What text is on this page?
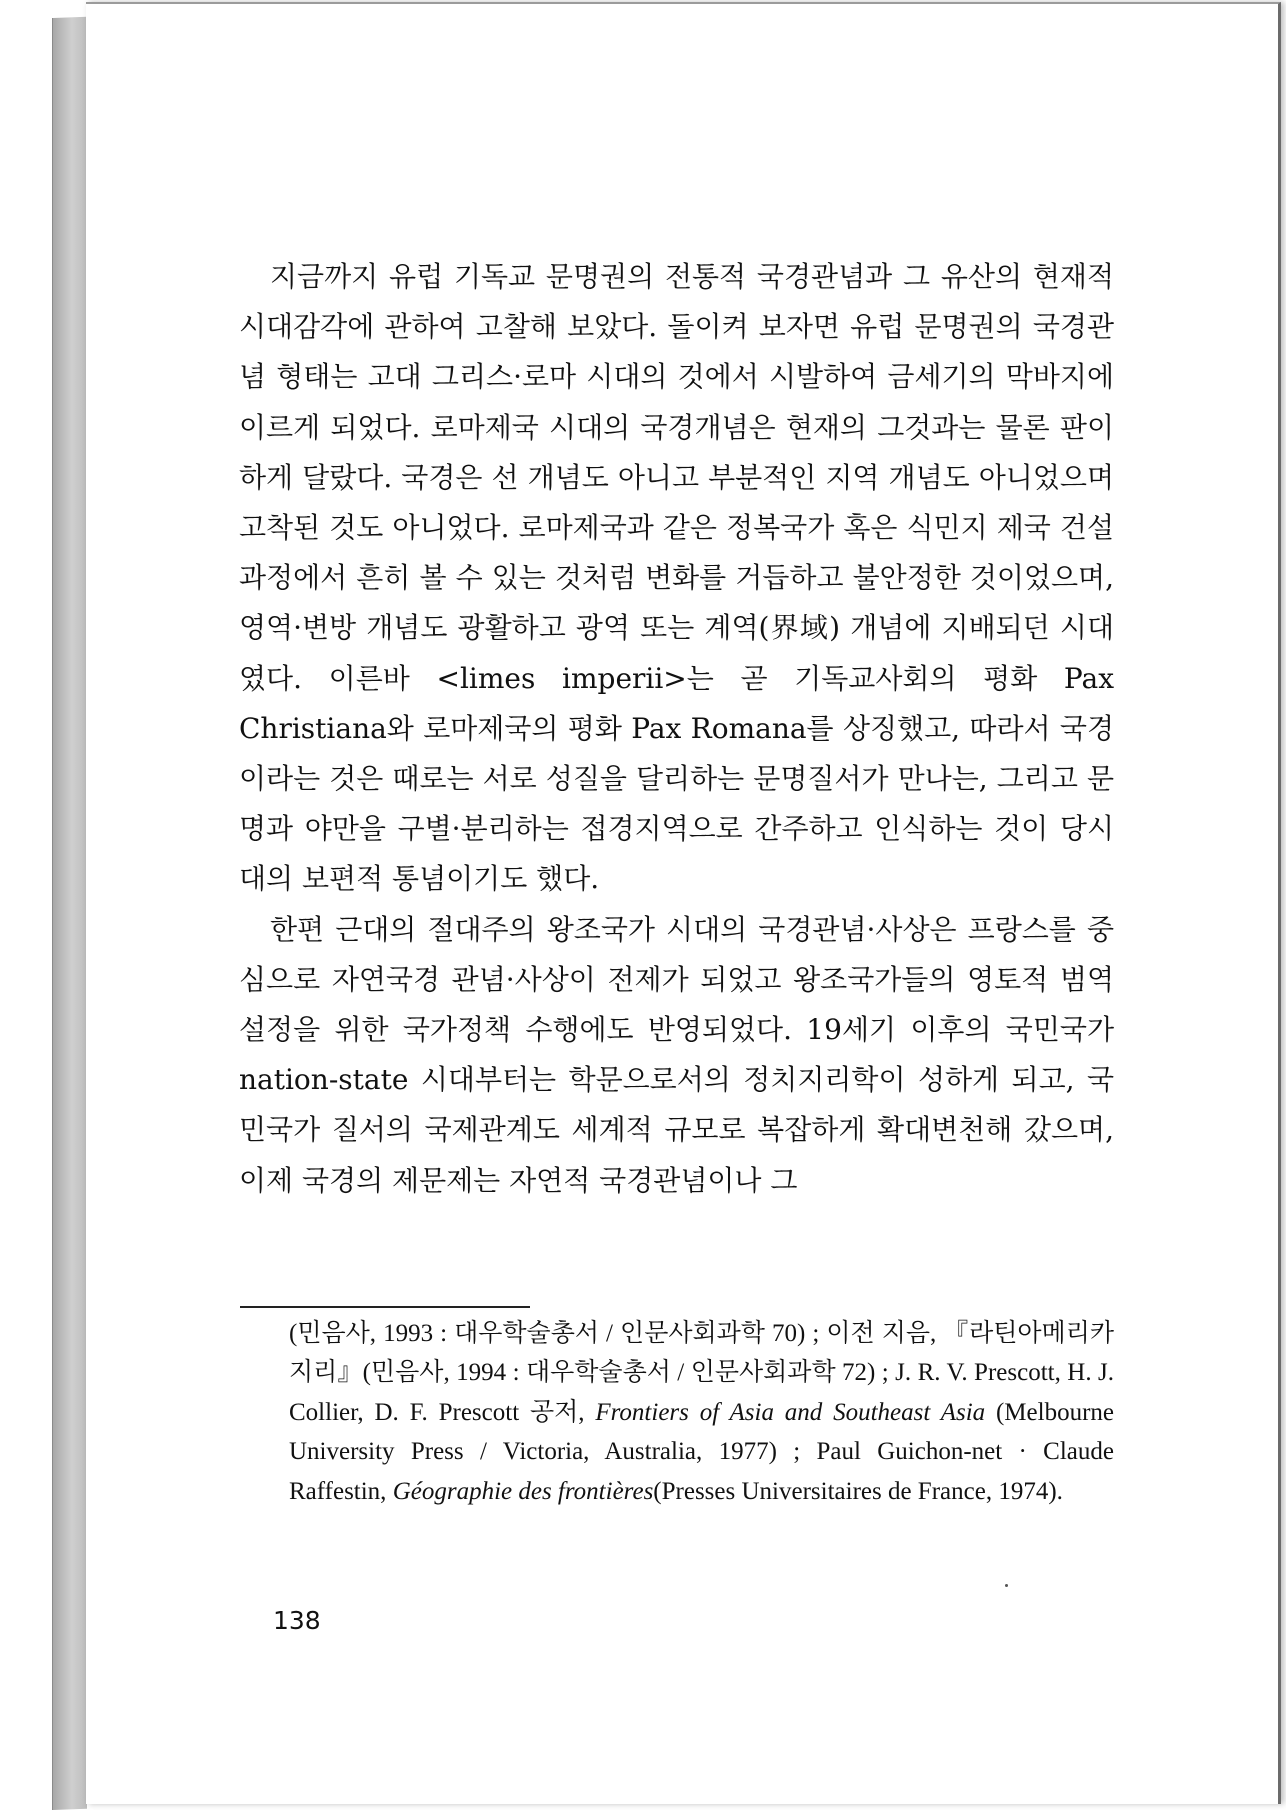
지금까지 유럽 기독교 문명권의 전통적 국경관념과 그 유산의 현재적 시대감각에 관하여 고찰해 보았다. 돌이켜 보자면 유럽 문명권의 국경관념 형태는 고대 그리스·로마 시대의 것에서 시발하여 금세기의 막바지에 이르게 되었다. 로마제국 시대의 국경개념은 현재의 그것과는 물론 판이하게 달랐다. 국경은 선 개념도 아니고 부분적인 지역 개념도 아니었으며 고착된 것도 아니었다. 로마제국과 같은 정복국가 혹은 식민지 제국 건설과정에서 흔히 볼 수 있는 것처럼 변화를 거듭하고 불안정한 것이었으며, 영역·변방 개념도 광활하고 광역 또는 계역(界域) 개념에 지배되던 시대였다. 이른바 <limes imperii>는 곧 기독교사회의 평화 Pax Christiana와 로마제국의 평화 Pax Romana를 상징했고, 따라서 국경이라는 것은 때로는 서로 성질을 달리하는 문명질서가 만나는, 그리고 문명과 야만을 구별·분리하는 접경지역으로 간주하고 인식하는 것이 당시대의 보편적 통념이기도 했다.

한편 근대의 절대주의 왕조국가 시대의 국경관념·사상은 프랑스를 중심으로 자연국경 관념·사상이 전제가 되었고 왕조국가들의 영토적 범역설정을 위한 국가정책 수행에도 반영되었다. 19세기 이후의 국민국가 nation-state 시대부터는 학문으로서의 정치지리학이 성하게 되고, 국민국가 질서의 국제관계도 세계적 규모로 복잡하게 확대변천해 갔으며, 이제 국경의 제문제는 자연적 국경관념이나 그

(민음사, 1993 : 대우학술총서 / 인문사회과학 70) ; 이전 지음, 『라틴아메리카 지리』(민음사, 1994 : 대우학술총서 / 인문사회과학 72) ; J. R. V. Prescott, H. J. Collier, D. F. Prescott 공저, Frontiers of Asia and Southeast Asia (Melbourne University Press / Victoria, Australia, 1977) ; Paul Guichon-net · Claude Raffestin, Géographie des frontières(Presses Universitaires de France, 1974).

138
